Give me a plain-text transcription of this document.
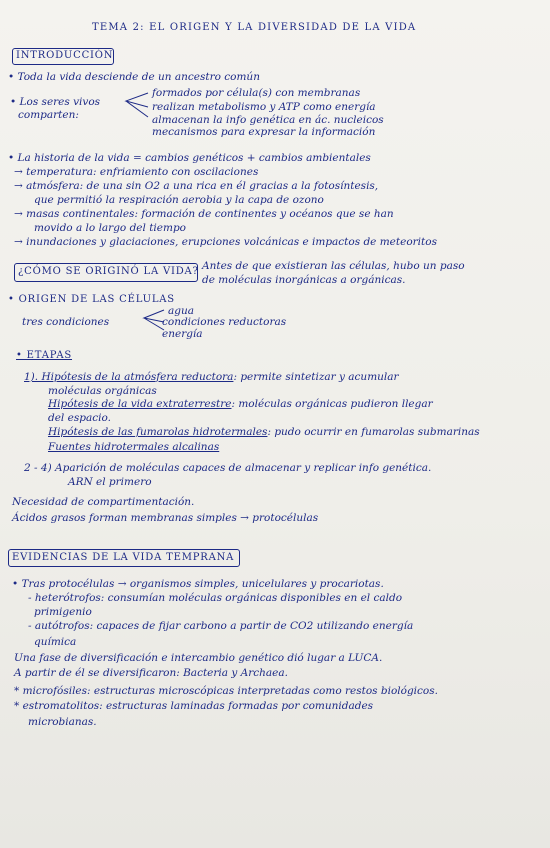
TEMA 2: EL ORIGEN Y LA DIVERSIDAD DE LA VIDA
INTRODUCCIÓN
• Toda la vida desciende de un ancestro común
• Los seres vivos
comparten:
formados por célula(s) con membranas
realizan metabolismo y ATP como energía
almacenan la info genética en ác. nucleicos
mecanismos para expresar la información
• La historia de la vida = cambios genéticos + cambios ambientales
→ temperatura: enfriamiento con oscilaciones
→ atmósfera: de una sin O2 a una rica en él gracias a la fotosíntesis,
que permitió la respiración aerobia y la capa de ozono
→ masas continentales: formación de continentes y océanos que se han
movido a lo largo del tiempo
→ inundaciones y glaciaciones, erupciones volcánicas e impactos de meteoritos
¿CÓMO SE ORIGINÓ LA VIDA? Antes de que existieran las células, hubo un paso
de moléculas inorgánicas a orgánicas.
• ORIGEN DE LAS CÉLULAS
tres condiciones
agua
condiciones reductoras
energía
• ETAPAS
1). Hipótesis de la atmósfera reductora: permite sintetizar y acumular
moléculas orgánicas
Hipótesis de la vida extraterrestre: moléculas orgánicas pudieron llegar
del espacio.
Hipótesis de las fumarolas hidrotermales: pudo ocurrir en fumarolas submarinas
Fuentes hidrotermales alcalinas
2 - 4) Aparición de moléculas capaces de almacenar y replicar info genética.
ARN el primero
Necesidad de compartimentación.
Ácidos grasos forman membranas simples → protocélulas
EVIDENCIAS DE LA VIDA TEMPRANA
• Tras protocélulas → organismos simples, unicelulares y procariotas.
- heterótrofos: consumían moléculas orgánicas disponibles en el caldo
primigenio
- autótrofos: capaces de fijar carbono a partir de CO2 utilizando energía
química
Una fase de diversificación e intercambio genético dió lugar a LUCA.
A partir de él se diversificaron: Bacteria y Archaea.
* microfósiles: estructuras microscópicas interpretadas como restos biológicos.
* estromatolitos: estructuras laminadas formadas por comunidades
microbianas.
